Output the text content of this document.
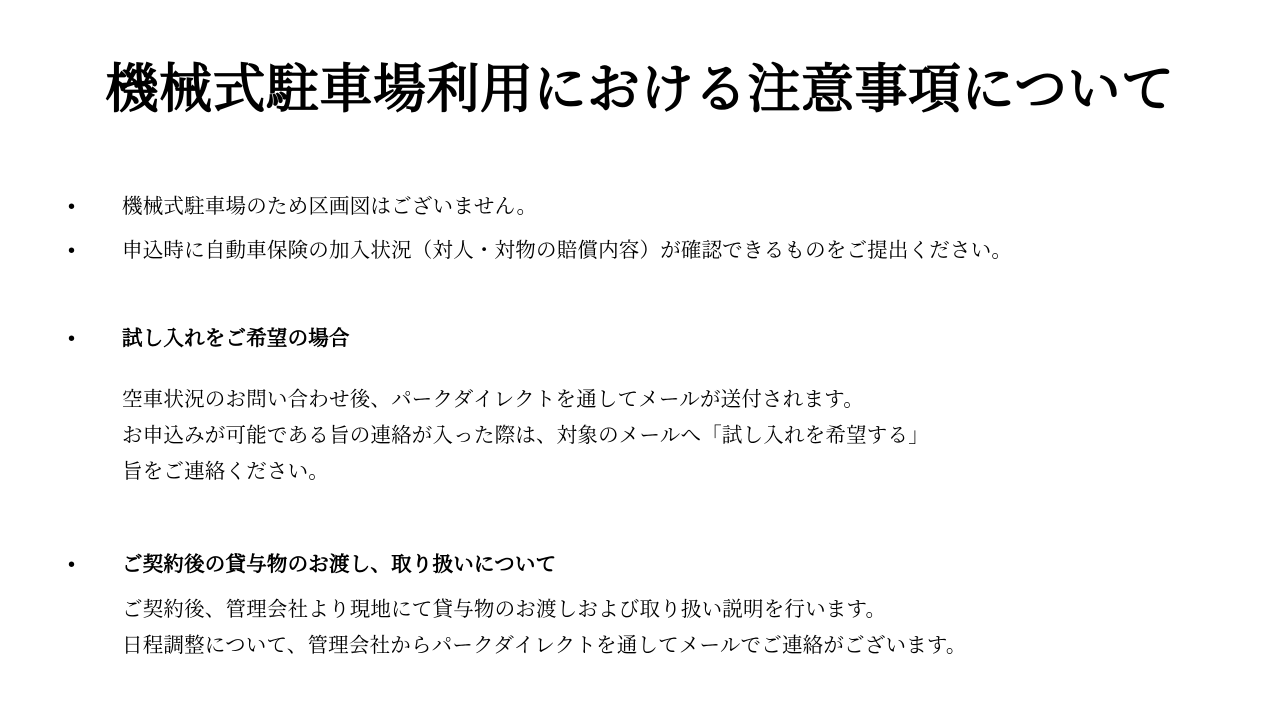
機械式駐車場利用における注意事項について
•	機械式駐車場のため区画図はございません。
•	申込時に自動車保険の加入状況（対人・対物の賠償内容）が確認できるものをご提出ください。
•	試し入れをご希望の場合
空車状況のお問い合わせ後、パークダイレクトを通してメールが送付されます。
お申込みが可能である旨の連絡が入った際は、対象のメールへ「試し入れを希望する」
旨をご連絡ください。
•	ご契約後の貸与物のお渡し、取り扱いについて
ご契約後、管理会社より現地にて貸与物のお渡しおよび取り扱い説明を行います。
日程調整について、管理会社からパークダイレクトを通してメールでご連絡がございます。
